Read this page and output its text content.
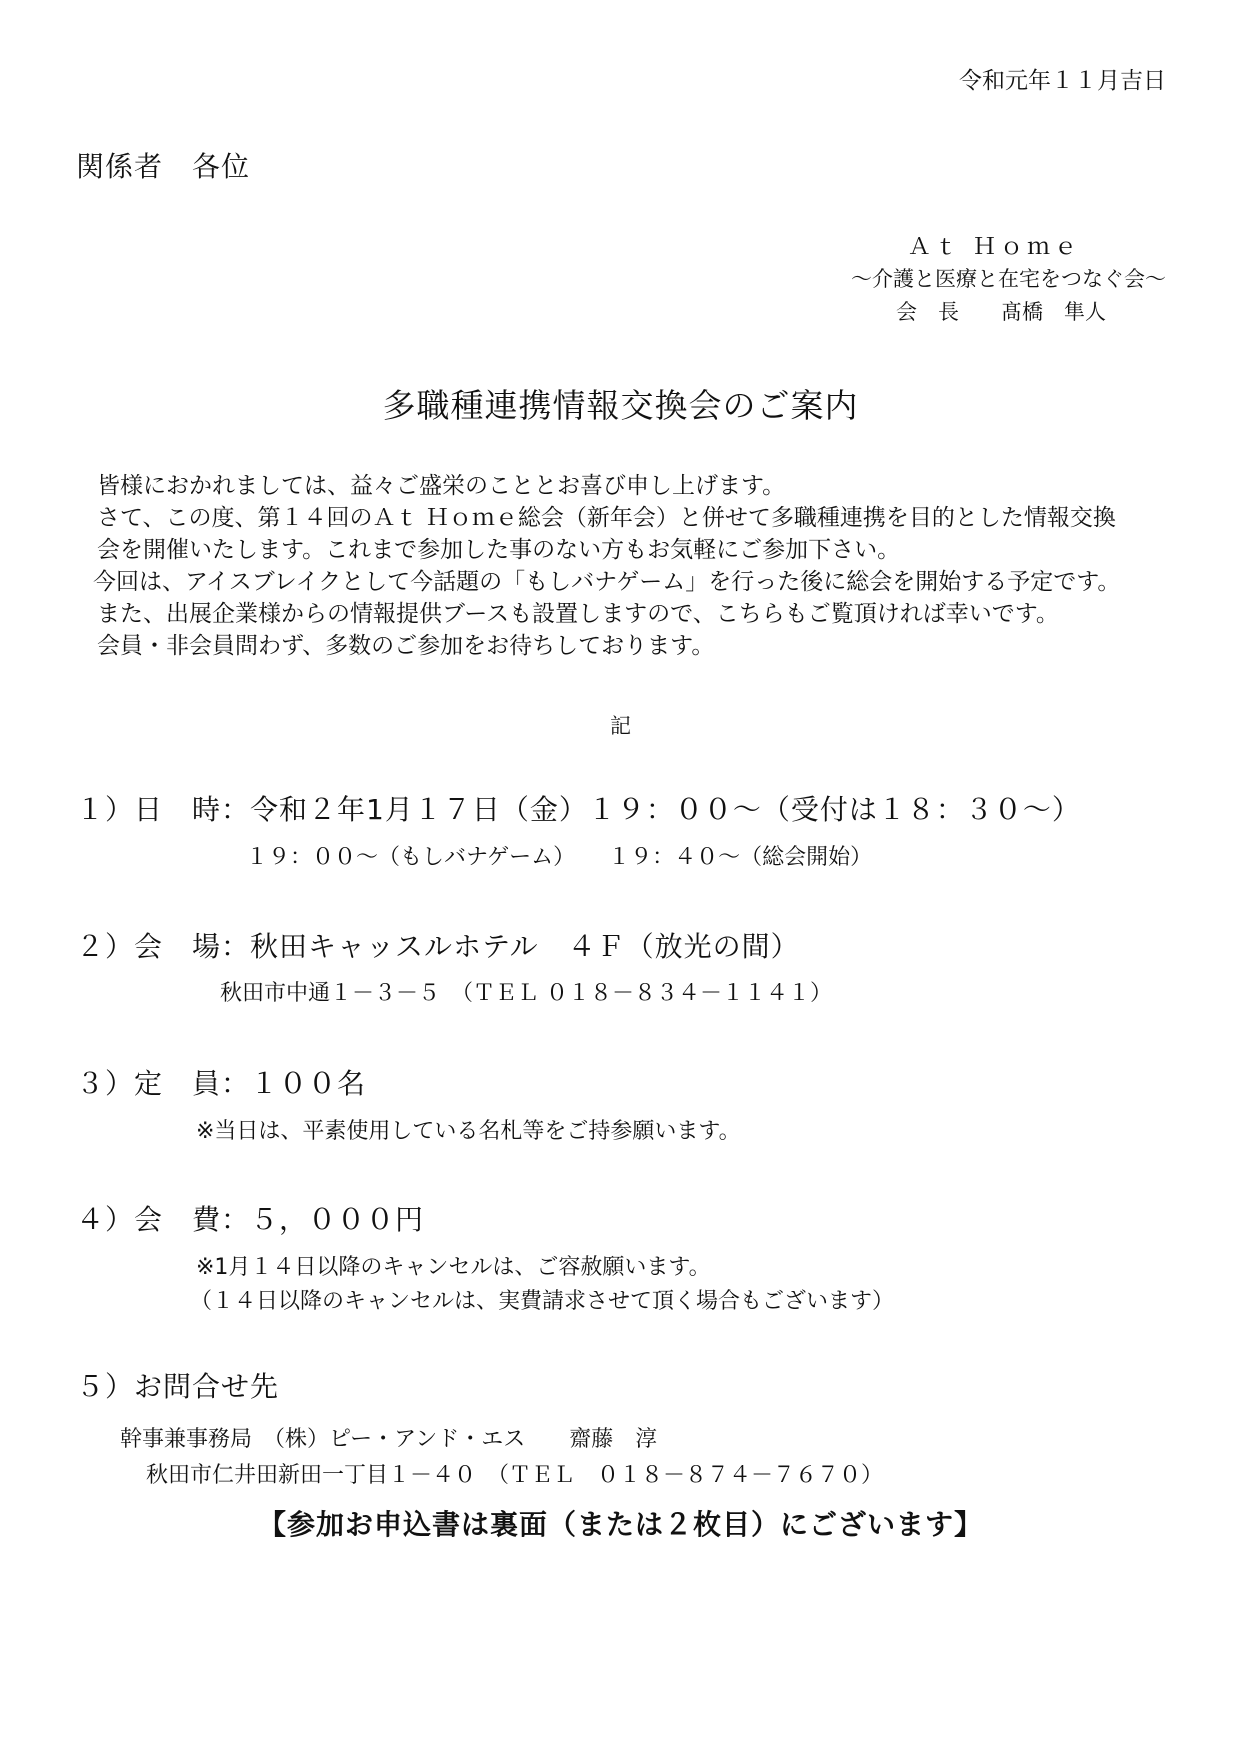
令和元年１１月吉日
関係者　各位
Ａｔ Ｈｏｍｅ
～介護と医療と在宅をつなぐ会～
会　長　　髙橋　隼人
多職種連携情報交換会のご案内
皆様におかれましては、益々ご盛栄のこととお喜び申し上げます。
さて、この度、第１４回のＡｔ Ｈｏｍｅ総会（新年会）と併せて多職種連携を目的とした情報交換
会を開催いたします。これまで参加した事のない方もお気軽にご参加下さい。
今回は、アイスブレイクとして今話題の「もしバナゲーム」を行った後に総会を開始する予定です。
また、出展企業様からの情報提供ブースも設置しますので、こちらもご覧頂ければ幸いです。
会員・非会員問わず、多数のご参加をお待ちしております。
記
１）日　時：令和２年1月１７日（金）１９：００～（受付は１８：３０～）
１９：００～（もしバナゲーム）　　１９：４０～（総会開始）
２）会　場：秋田キャッスルホテル　４Ｆ（放光の間）
秋田市中通１－３－５　（ＴＥＬ ０１８－８３４－１１４１）
３）定　員：１００名
※当日は、平素使用している名札等をご持参願います。
４）会　費：５，０００円
※1月１４日以降のキャンセルは、ご容赦願います。
（１４日以降のキャンセルは、実費請求させて頂く場合もございます）
５）お問合せ先
幹事兼事務局　（株）ピー・アンド・エス　　齋藤　淳
秋田市仁井田新田一丁目１－４０　（ＴＥＬ　０１８－８７４－７６７０）
【参加お申込書は裏面（または２枚目）にございます】
